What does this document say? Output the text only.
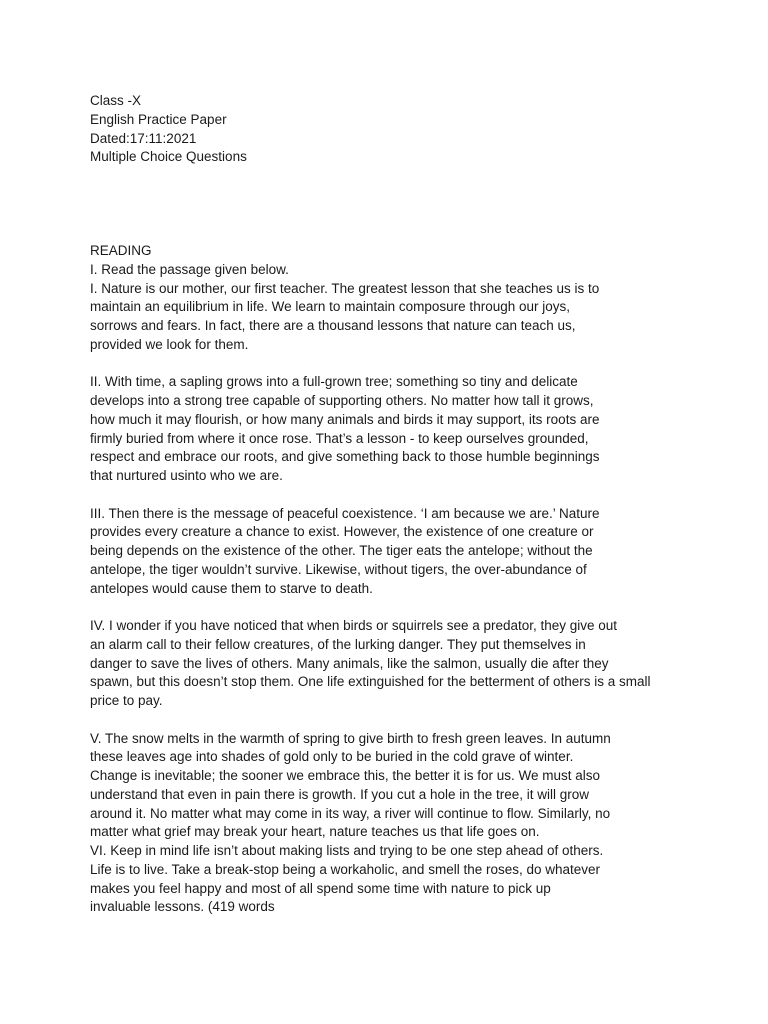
Class -X
English Practice Paper
Dated:17:11:2021
Multiple Choice Questions
READING
I. Read the passage given below.
I. Nature is our mother, our first teacher. The greatest lesson that she teaches us is to
maintain an equilibrium in life. We learn to maintain composure through our joys,
sorrows and fears. In fact, there are a thousand lessons that nature can teach us,
provided we look for them.
II. With time, a sapling grows into a full-grown tree; something so tiny and delicate
develops into a strong tree capable of supporting others. No matter how tall it grows,
how much it may flourish, or how many animals and birds it may support, its roots are
firmly buried from where it once rose. That’s a lesson - to keep ourselves grounded,
respect and embrace our roots, and give something back to those humble beginnings
that nurtured usinto who we are.
III. Then there is the message of peaceful coexistence. ‘I am because we are.’ Nature
provides every creature a chance to exist. However, the existence of one creature or
being depends on the existence of the other. The tiger eats the antelope; without the
antelope, the tiger wouldn’t survive. Likewise, without tigers, the over-abundance of
antelopes would cause them to starve to death.
IV. I wonder if you have noticed that when birds or squirrels see a predator, they give out
an alarm call to their fellow creatures, of the lurking danger. They put themselves in
danger to save the lives of others. Many animals, like the salmon, usually die after they
spawn, but this doesn’t stop them. One life extinguished for the betterment of others is a small
price to pay.
V. The snow melts in the warmth of spring to give birth to fresh green leaves. In autumn
these leaves age into shades of gold only to be buried in the cold grave of winter.
Change is inevitable; the sooner we embrace this, the better it is for us. We must also
understand that even in pain there is growth. If you cut a hole in the tree, it will grow
around it. No matter what may come in its way, a river will continue to flow. Similarly, no
matter what grief may break your heart, nature teaches us that life goes on.
VI. Keep in mind life isn’t about making lists and trying to be one step ahead of others.
Life is to live. Take a break-stop being a workaholic, and smell the roses, do whatever
makes you feel happy and most of all spend some time with nature to pick up
invaluable lessons. (419 words
